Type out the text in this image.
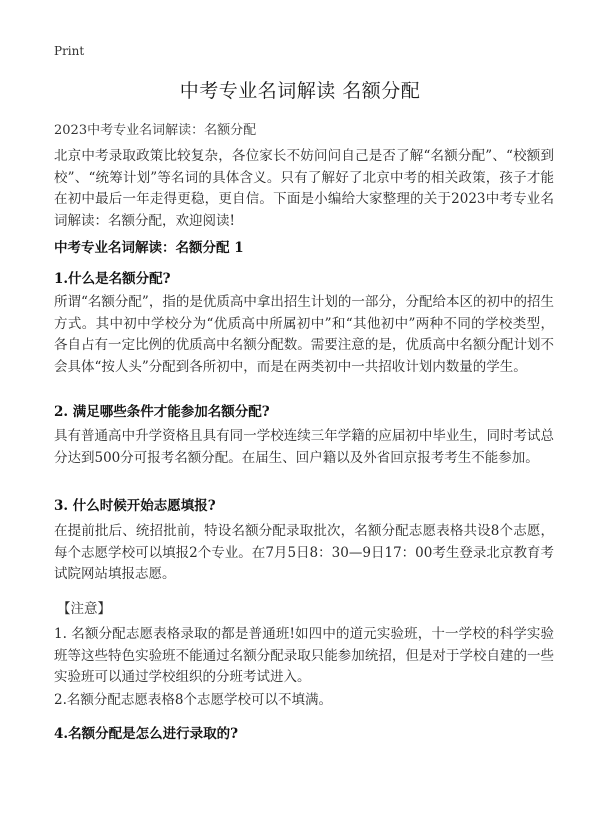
Print
中考专业名词解读 名额分配
2023中考专业名词解读：名额分配

北京中考录取政策比较复杂，各位家长不妨问问自己是否了解“名额分配”、“校额到校”、“统筹计划”等名词的具体含义。只有了解好了北京中考的相关政策，孩子才能在初中最后一年走得更稳，更自信。下面是小编给大家整理的关于2023中考专业名词解读：名额分配，欢迎阅读!

中考专业名词解读：名额分配 1
1.什么是名额分配?

所谓“名额分配”，指的是优质高中拿出招生计划的一部分，分配给本区的初中的招生方式。其中初中学校分为“优质高中所属初中”和“其他初中”两种不同的学校类型，各自占有一定比例的优质高中名额分配数。需要注意的是，优质高中名额分配计划不会具体“按人头”分配到各所初中，而是在两类初中一共招收计划内数量的学生。

2. 满足哪些条件才能参加名额分配?

具有普通高中升学资格且具有同一学校连续三年学籍的应届初中毕业生，同时考试总分达到500分可报考名额分配。在届生、回户籍以及外省回京报考考生不能参加。

3. 什么时候开始志愿填报?

在提前批后、统招批前，特设名额分配录取批次，名额分配志愿表格共设8个志愿，每个志愿学校可以填报2个专业。在7月5日8：30—9日17：00考生登录北京教育考试院网站填报志愿。

【注意】

1. 名额分配志愿表格录取的都是普通班!如四中的道元实验班，十一学校的科学实验班等这些特色实验班不能通过名额分配录取只能参加统招，但是对于学校自建的一些实验班可以通过学校组织的分班考试进入。

2.名额分配志愿表格8个志愿学校可以不填满。

4.名额分配是怎么进行录取的?
